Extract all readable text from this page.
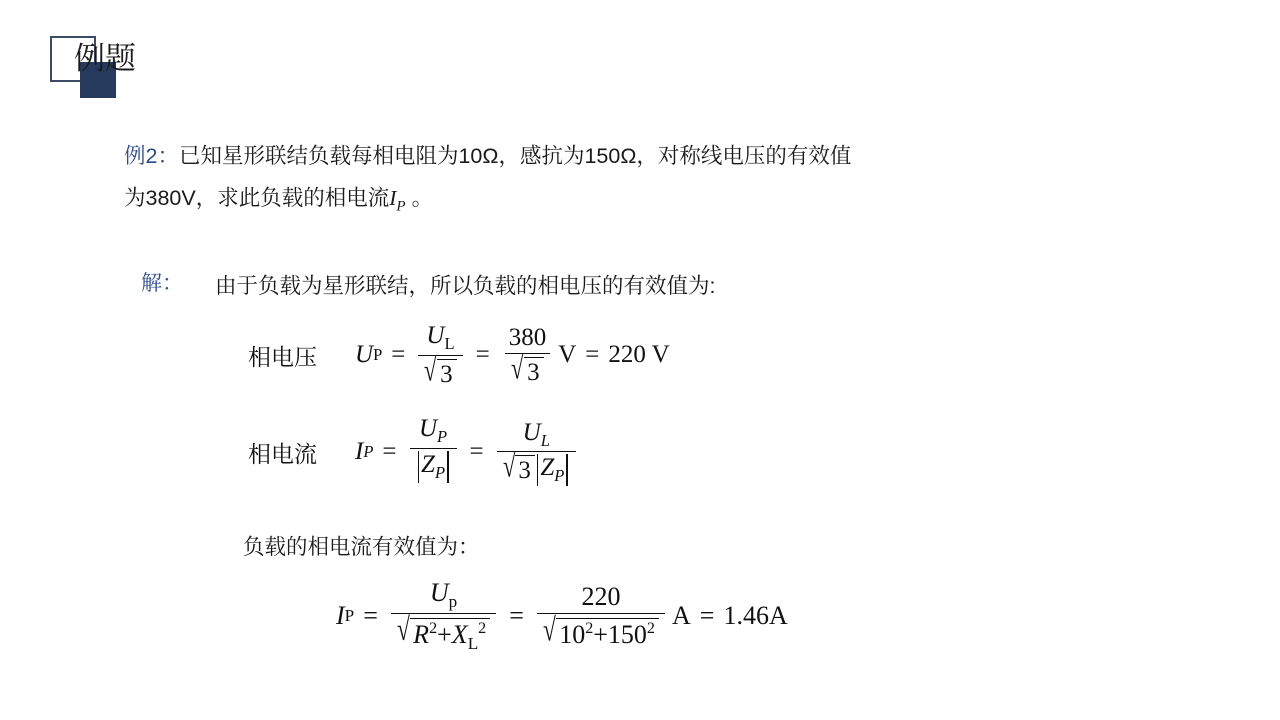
例题
例2：已知星形联结负载每相电阻为10Ω，感抗为150Ω，对称线电压的有效值
为380V，求此负载的相电流$I_P$ 。
解： 由于负载为星形联结，所以负载的相电压的有效值为:
相电压 U $P = \frac{U_L}{√ 3} = \frac{380}{√ 3}$ V = 220 V
相电流 I $P = \frac{U_P}{Z_P} = \frac{U_L}{√ 3 Z_P}$
负载的相电流有效值为：
I $P = \frac{U_p}{√ R^2+X_L^2} = \frac{220}{√ 10^2+150^2}$ A = 1.46A
